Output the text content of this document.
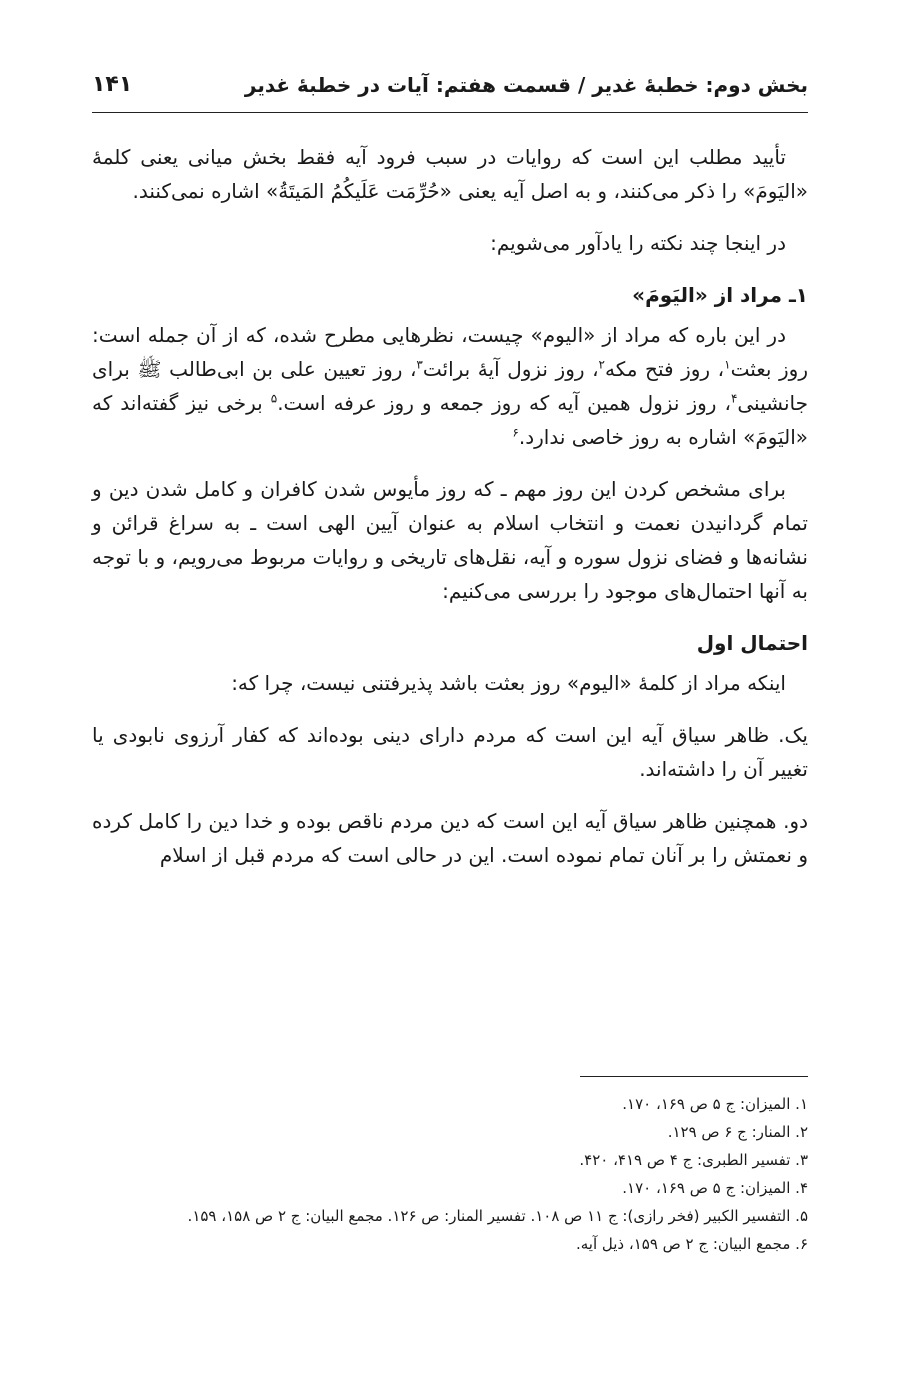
بخش دوم: خطبهٔ غدیر / قسمت هفتم: آیات در خطبهٔ غدیر
۱۴۱

تأیید مطلب این است که روایات در سبب فرود آیه فقط بخش میانی یعنی کلمهٔ «الیَومَ» را ذکر می‌کنند، و به اصل آیه یعنی «حُرِّمَت عَلَیکُمُ المَیتَةُ» اشاره نمی‌کنند.

در اینجا چند نکته را یادآور می‌شویم:

۱ـ مراد از «الیَومَ»

در این باره که مراد از «الیوم» چیست، نظرهایی مطرح شده، که از آن جمله است: روز بعثت$^۱$، روز فتح مکه$^۲$، روز نزول آیهٔ برائت$^۳$، روز تعیین علی بن ابی‌طالب ﷺ برای جانشینی$^۴$، روز نزول همین آیه که روز جمعه و روز عرفه است.$^۵$ برخی نیز گفته‌اند که «الیَومَ» اشاره به روز خاصی ندارد.$^۶$

برای مشخص کردن این روز مهم ـ که روز مأیوس شدن کافران و کامل شدن دین و تمام گردانیدن نعمت و انتخاب اسلام به عنوان آیین الهی است ـ به سراغ قرائن و نشانه‌ها و فضای نزول سوره و آیه، نقل‌های تاریخی و روایات مربوط می‌رویم، و با توجه به آنها احتمال‌های موجود را بررسی می‌کنیم:

احتمال اول

اینکه مراد از کلمهٔ «الیوم» روز بعثت باشد پذیرفتنی نیست، چرا که:

یک. ظاهر سیاق آیه این است که مردم دارای دینی بوده‌اند که کفار آرزوی نابودی یا تغییر آن را داشته‌اند.

دو. همچنین ظاهر سیاق آیه این است که دین مردم ناقص بوده و خدا دین را کامل کرده و نعمتش را بر آنان تمام نموده است. این در حالی است که مردم قبل از اسلام

۱. المیزان: ج ۵ ص ۱۶۹، ۱۷۰.

۲. المنار: ج ۶ ص ۱۲۹.

۳. تفسیر الطبری: ج ۴ ص ۴۱۹، ۴۲۰.

۴. المیزان: ج ۵ ص ۱۶۹، ۱۷۰.

۵. التفسیر الکبیر (فخر رازی): ج ۱۱ ص ۱۰۸. تفسیر المنار: ص ۱۲۶. مجمع البیان: ج ۲ ص ۱۵۸، ۱۵۹.

۶. مجمع البیان: ج ۲ ص ۱۵۹، ذیل آیه.
